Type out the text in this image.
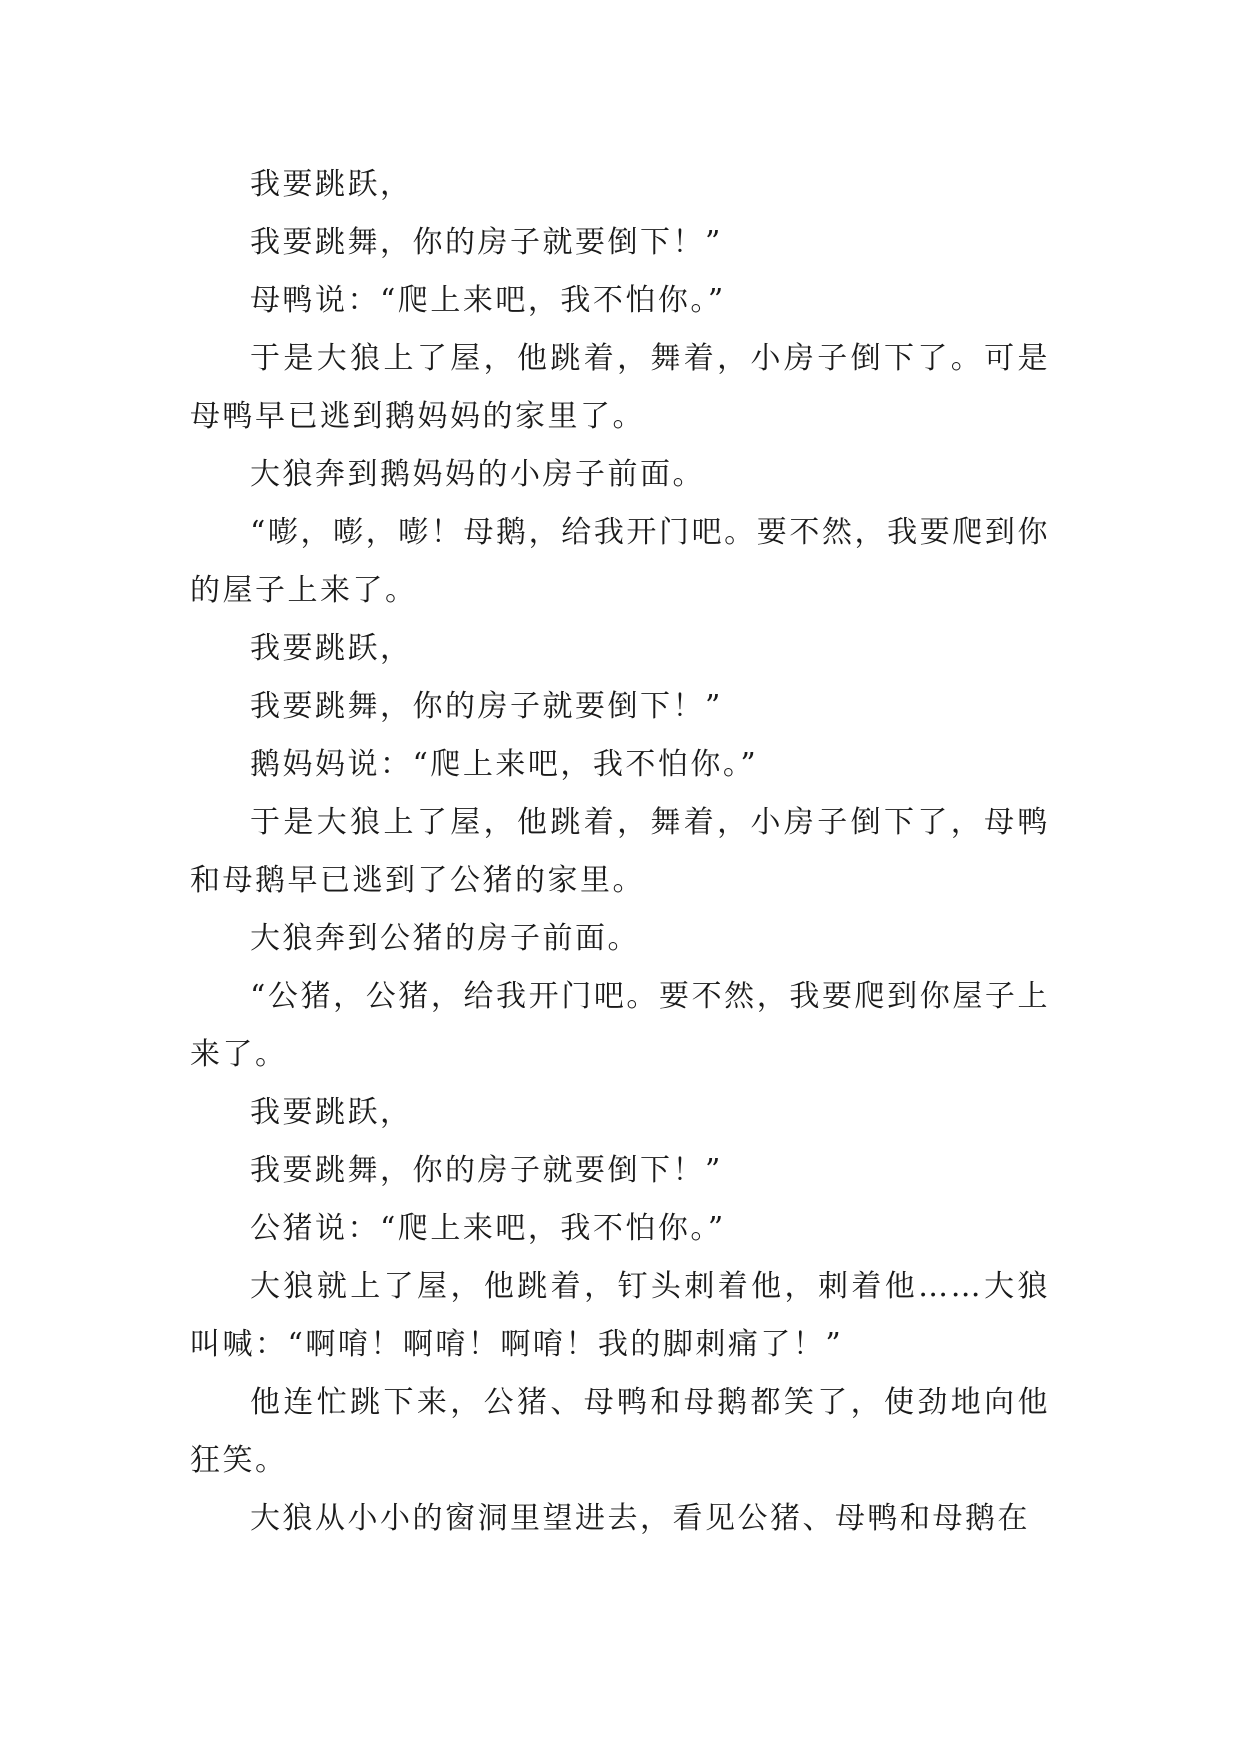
我要跳跃，

我要跳舞，你的房子就要倒下！”

母鸭说：“爬上来吧，我不怕你。”

于是大狼上了屋，他跳着，舞着，小房子倒下了。可是母鸭早已逃到鹅妈妈的家里了。

大狼奔到鹅妈妈的小房子前面。

“嘭，嘭，嘭！母鹅，给我开门吧。要不然，我要爬到你的屋子上来了。

我要跳跃，

我要跳舞，你的房子就要倒下！”

鹅妈妈说：“爬上来吧，我不怕你。”

于是大狼上了屋，他跳着，舞着，小房子倒下了，母鸭和母鹅早已逃到了公猪的家里。

大狼奔到公猪的房子前面。

“公猪，公猪，给我开门吧。要不然，我要爬到你屋子上来了。

我要跳跃，

我要跳舞，你的房子就要倒下！”

公猪说：“爬上来吧，我不怕你。”

大狼就上了屋，他跳着，钉头刺着他，刺着他……大狼叫喊：“啊唷！啊唷！啊唷！我的脚刺痛了！”

他连忙跳下来，公猪、母鸭和母鹅都笑了，使劲地向他狂笑。

大狼从小小的窗洞里望进去，看见公猪、母鸭和母鹅在
